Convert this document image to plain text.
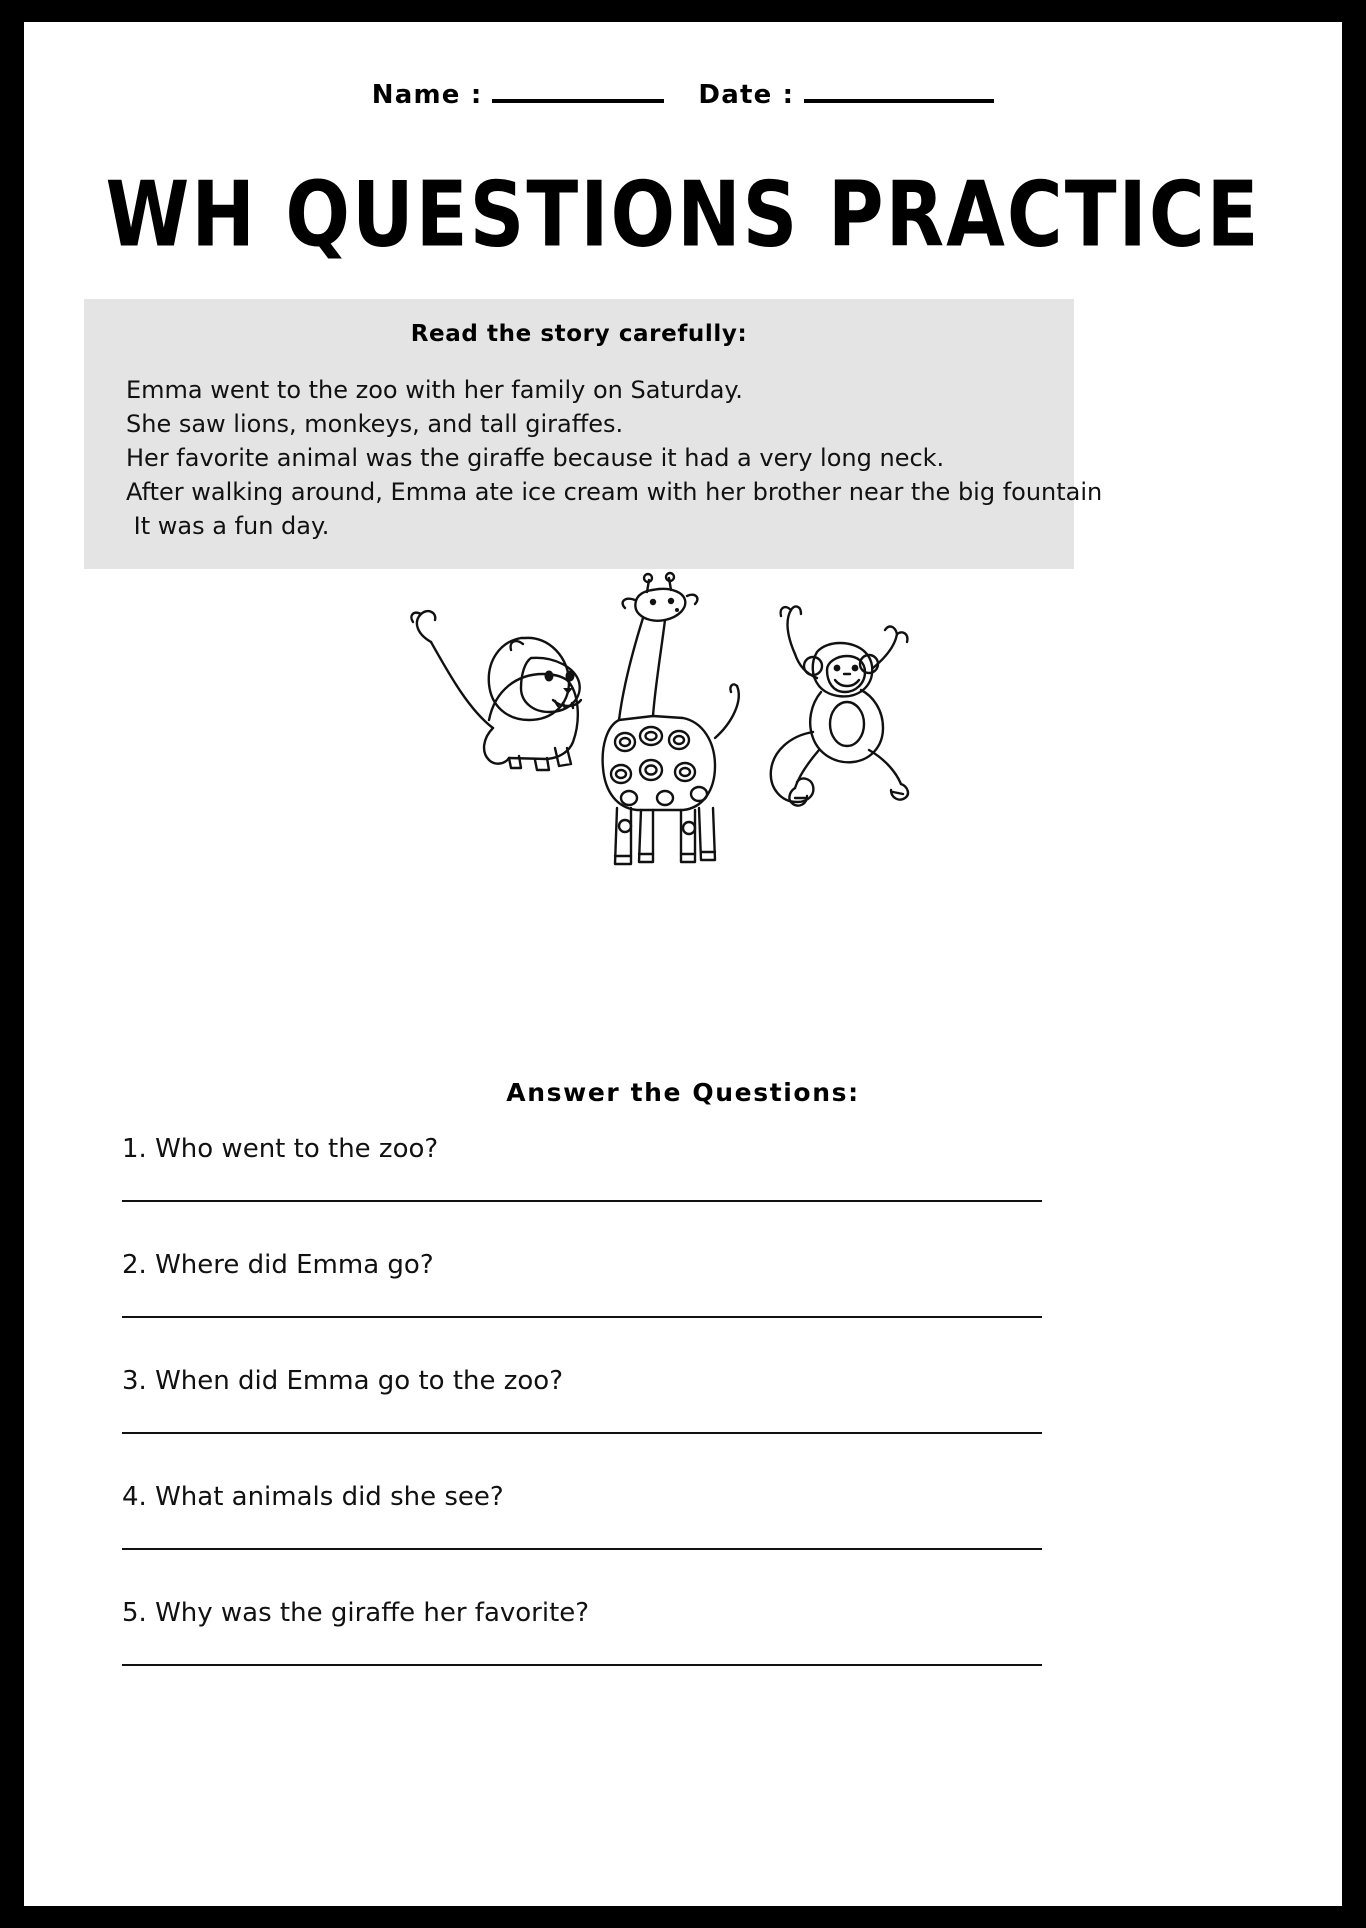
Name :	Date :
WH QUESTIONS PRACTICE
Read the story carefully:
Emma went to the zoo with her family on Saturday.
She saw lions, monkeys, and tall giraffes.
Her favorite animal was the giraffe because it had a very long neck.
After walking around, Emma ate ice cream with her brother near the big fountain
It was a fun day.
Answer the Questions:
1. Who went to the zoo?
2. Where did Emma go?
3. When did Emma go to the zoo?
4. What animals did she see?
5. Why was the giraffe her favorite?
